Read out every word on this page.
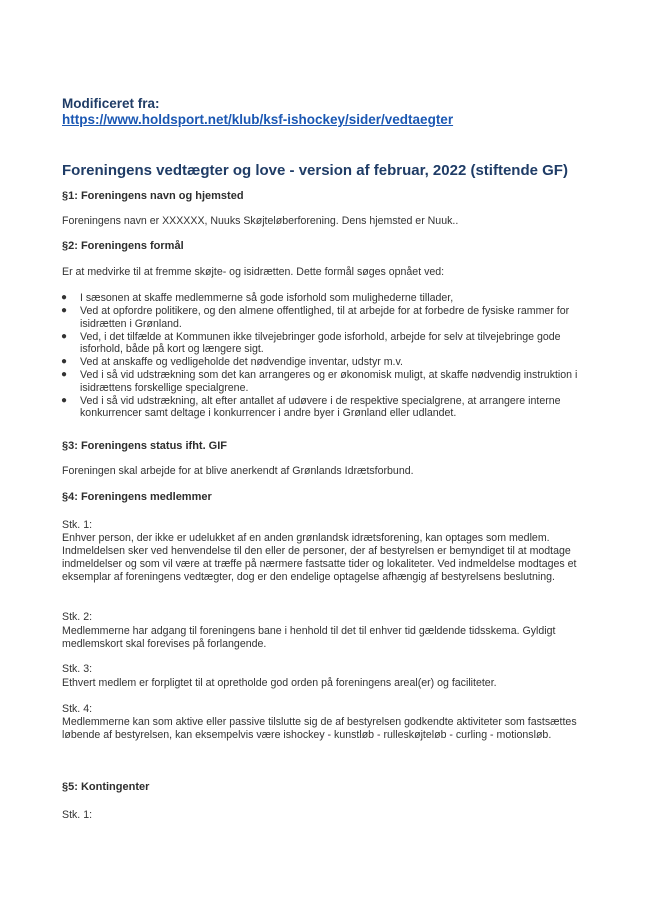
Modificeret fra:
https://www.holdsport.net/klub/ksf-ishockey/sider/vedtaegter
Foreningens vedtægter og love - version af februar, 2022 (stiftende GF)
§1: Foreningens navn og hjemsted
Foreningens navn er XXXXXX, Nuuks Skøjteløberforening. Dens hjemsted er Nuuk..
§2: Foreningens formål
Er at medvirke til at fremme skøjte- og isidrætten. Dette formål søges opnået ved:
● I sæsonen at skaffe medlemmerne så gode isforhold som mulighederne tillader,
● Ved at opfordre politikere, og den almene offentlighed, til at arbejde for at forbedre de fysiske rammer for isidrætten i Grønland.
● Ved, i det tilfælde at Kommunen ikke tilvejebringer gode isforhold, arbejde for selv at tilvejebringe gode isforhold, både på kort og længere sigt.
● Ved at anskaffe og vedligeholde det nødvendige inventar, udstyr m.v.
● Ved i så vid udstrækning som det kan arrangeres og er økonomisk muligt, at skaffe nødvendig instruktion i isidrættens forskellige specialgrene.
● Ved i så vid udstrækning, alt efter antallet af udøvere i de respektive specialgrene, at arrangere interne konkurrencer samt deltage i konkurrencer i andre byer i Grønland eller udlandet.
§3: Foreningens status ifht. GIF
Foreningen skal arbejde for at blive anerkendt af Grønlands Idrætsforbund.
§4: Foreningens medlemmer
Stk. 1:
Enhver person, der ikke er udelukket af en anden grønlandsk idrætsforening, kan optages som medlem. Indmeldelsen sker ved henvendelse til den eller de personer, der af bestyrelsen er bemyndiget til at modtage indmeldelser og som vil være at træffe på nærmere fastsatte tider og lokaliteter. Ved indmeldelse modtages et eksemplar af foreningens vedtægter, dog er den endelige optagelse afhængig af bestyrelsens beslutning.
Stk. 2:
Medlemmerne har adgang til foreningens bane i henhold til det til enhver tid gældende tidsskema. Gyldigt medlemskort skal forevises på forlangende.
Stk. 3:
Ethvert medlem er forpligtet til at opretholde god orden på foreningens areal(er) og faciliteter.
Stk. 4:
Medlemmerne kan som aktive eller passive tilslutte sig de af bestyrelsen godkendte aktiviteter som fastsættes løbende af bestyrelsen, kan eksempelvis være ishockey - kunstløb - rulleskøjteløb - curling - motionsløb.
§5: Kontingenter
Stk. 1:
